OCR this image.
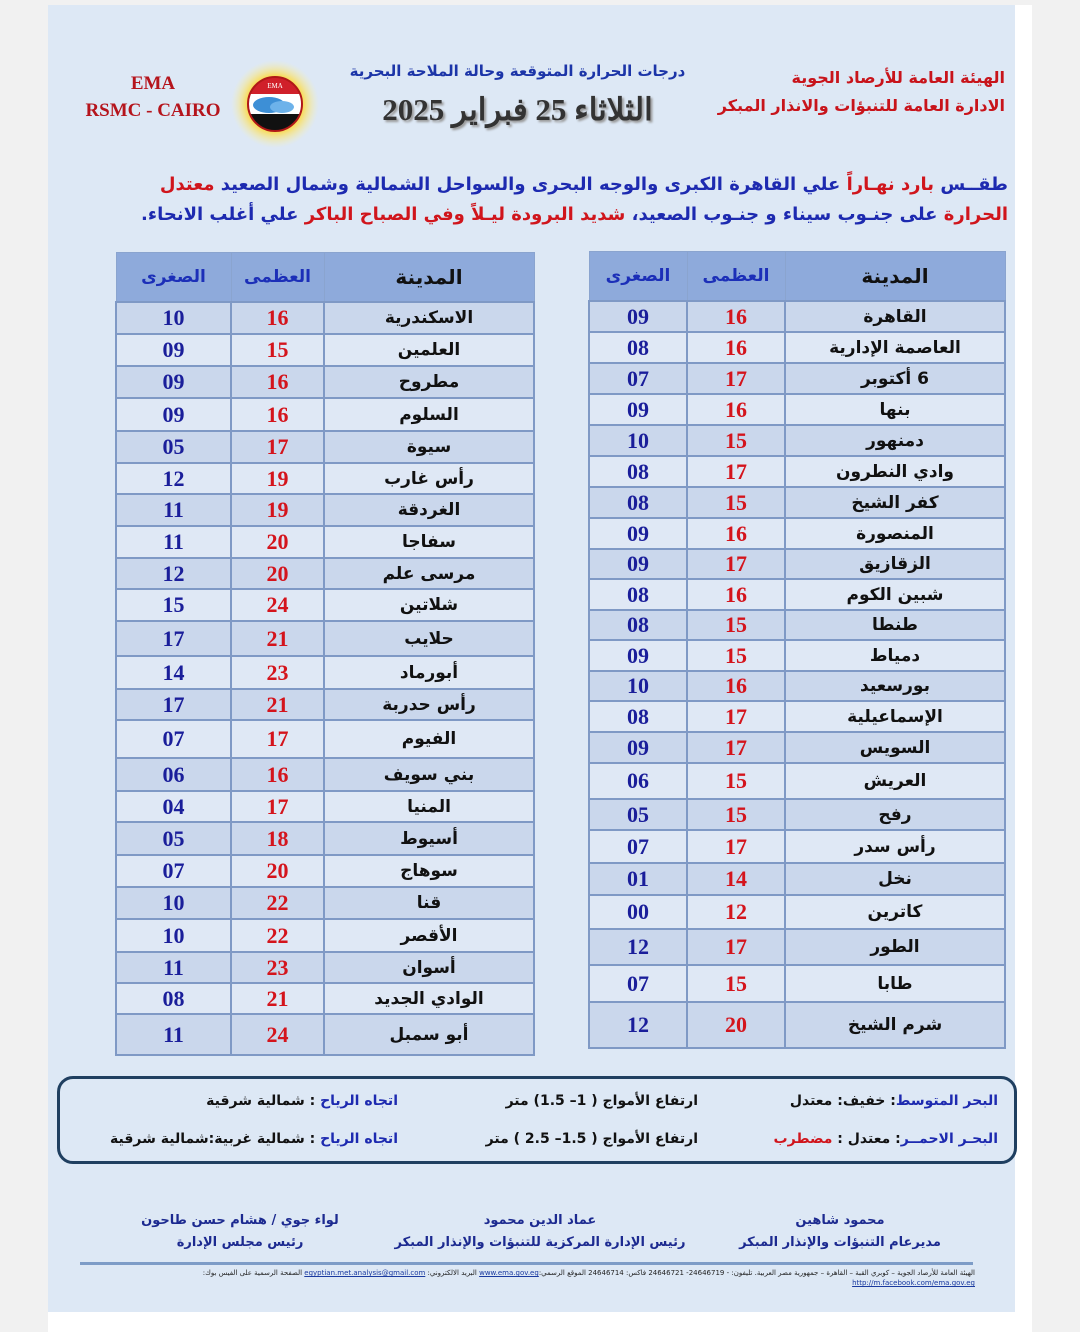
الهيئة العامة للأرصاد الجوية
الادارة العامة للتنبؤات والانذار المبكر
EMA
RSMC - CAIRO
EMA
درجات الحرارة المتوقعة وحالة الملاحة البحرية
الثلاثاء 25 فبراير 2025
طقــس بارد نهـاراً علي القاهرة الكبرى والوجه البحرى والسواحل الشمالية وشمال الصعيد معتدل الحرارة على جنـوب سيناء و جنـوب الصعيد، شديد البرودة ليـلاً وفي الصباح الباكر علي أغلب الانحاء.
المدينة	العظمى	الصغرى
القاهرة	16	09
العاصمة الإدارية	16	08
6 أكتوبر	17	07
بنها	16	09
دمنهور	15	10
وادي النطرون	17	08
كفر الشيخ	15	08
المنصورة	16	09
الزقازيق	17	09
شبين الكوم	16	08
طنطا	15	08
دمياط	15	09
بورسعيد	16	10
الإسماعيلية	17	08
السويس	17	09
العريش	15	06
رفح	15	05
رأس سدر	17	07
نخل	14	01
كاترين	12	00
الطور	17	12
طابا	15	07
شرم الشيخ	20	12
المدينة	العظمى	الصغرى
الاسكندرية	16	10
العلمين	15	09
مطروح	16	09
السلوم	16	09
سيوة	17	05
رأس غارب	19	12
الغردقة	19	11
سفاجا	20	11
مرسى علم	20	12
شلاتين	24	15
حلايب	21	17
أبورماد	23	14
رأس حدربة	21	17
الفيوم	17	07
بني سويف	16	06
المنيا	17	04
أسيوط	18	05
سوهاج	20	07
قنا	22	10
الأقصر	22	10
أسوان	23	11
الوادي الجديد	21	08
أبو سمبل	24	11
البحر المتوسط: خفيف: معتدل
ارتفاع الأمواج ( 1– 1.5) متر
اتجاه الرياح : شمالية شرقية
البحـر الاحمــر: معتدل : مضطرب
ارتفاع الأمواج ( 1.5– 2.5 ) متر
اتجاه الرياح : شمالية غربية:شمالية شرقية
محمود شاهين
مديرعام التنبؤات والإنذار المبكر
عماد الدين محمود
رئيس الإدارة المركزية للتنبؤات والإنذار المبكر
لواء جوي / هشام حسن طاحون
رئيس مجلس الإدارة
الهيئة العامة للأرصاد الجوية – كوبري القبة – القاهرة – جمهورية مصر العربية. تليفون: - 24646719- 24646721 فاكس: 24646714 الموقع الرسمي:www.ema.gov.eg البريد الالكتروني: egyptian.met.analysis@gmail.com الصفحة الرسمية على الفيس بوك: http://m.facebook.com/ema.gov.eg
